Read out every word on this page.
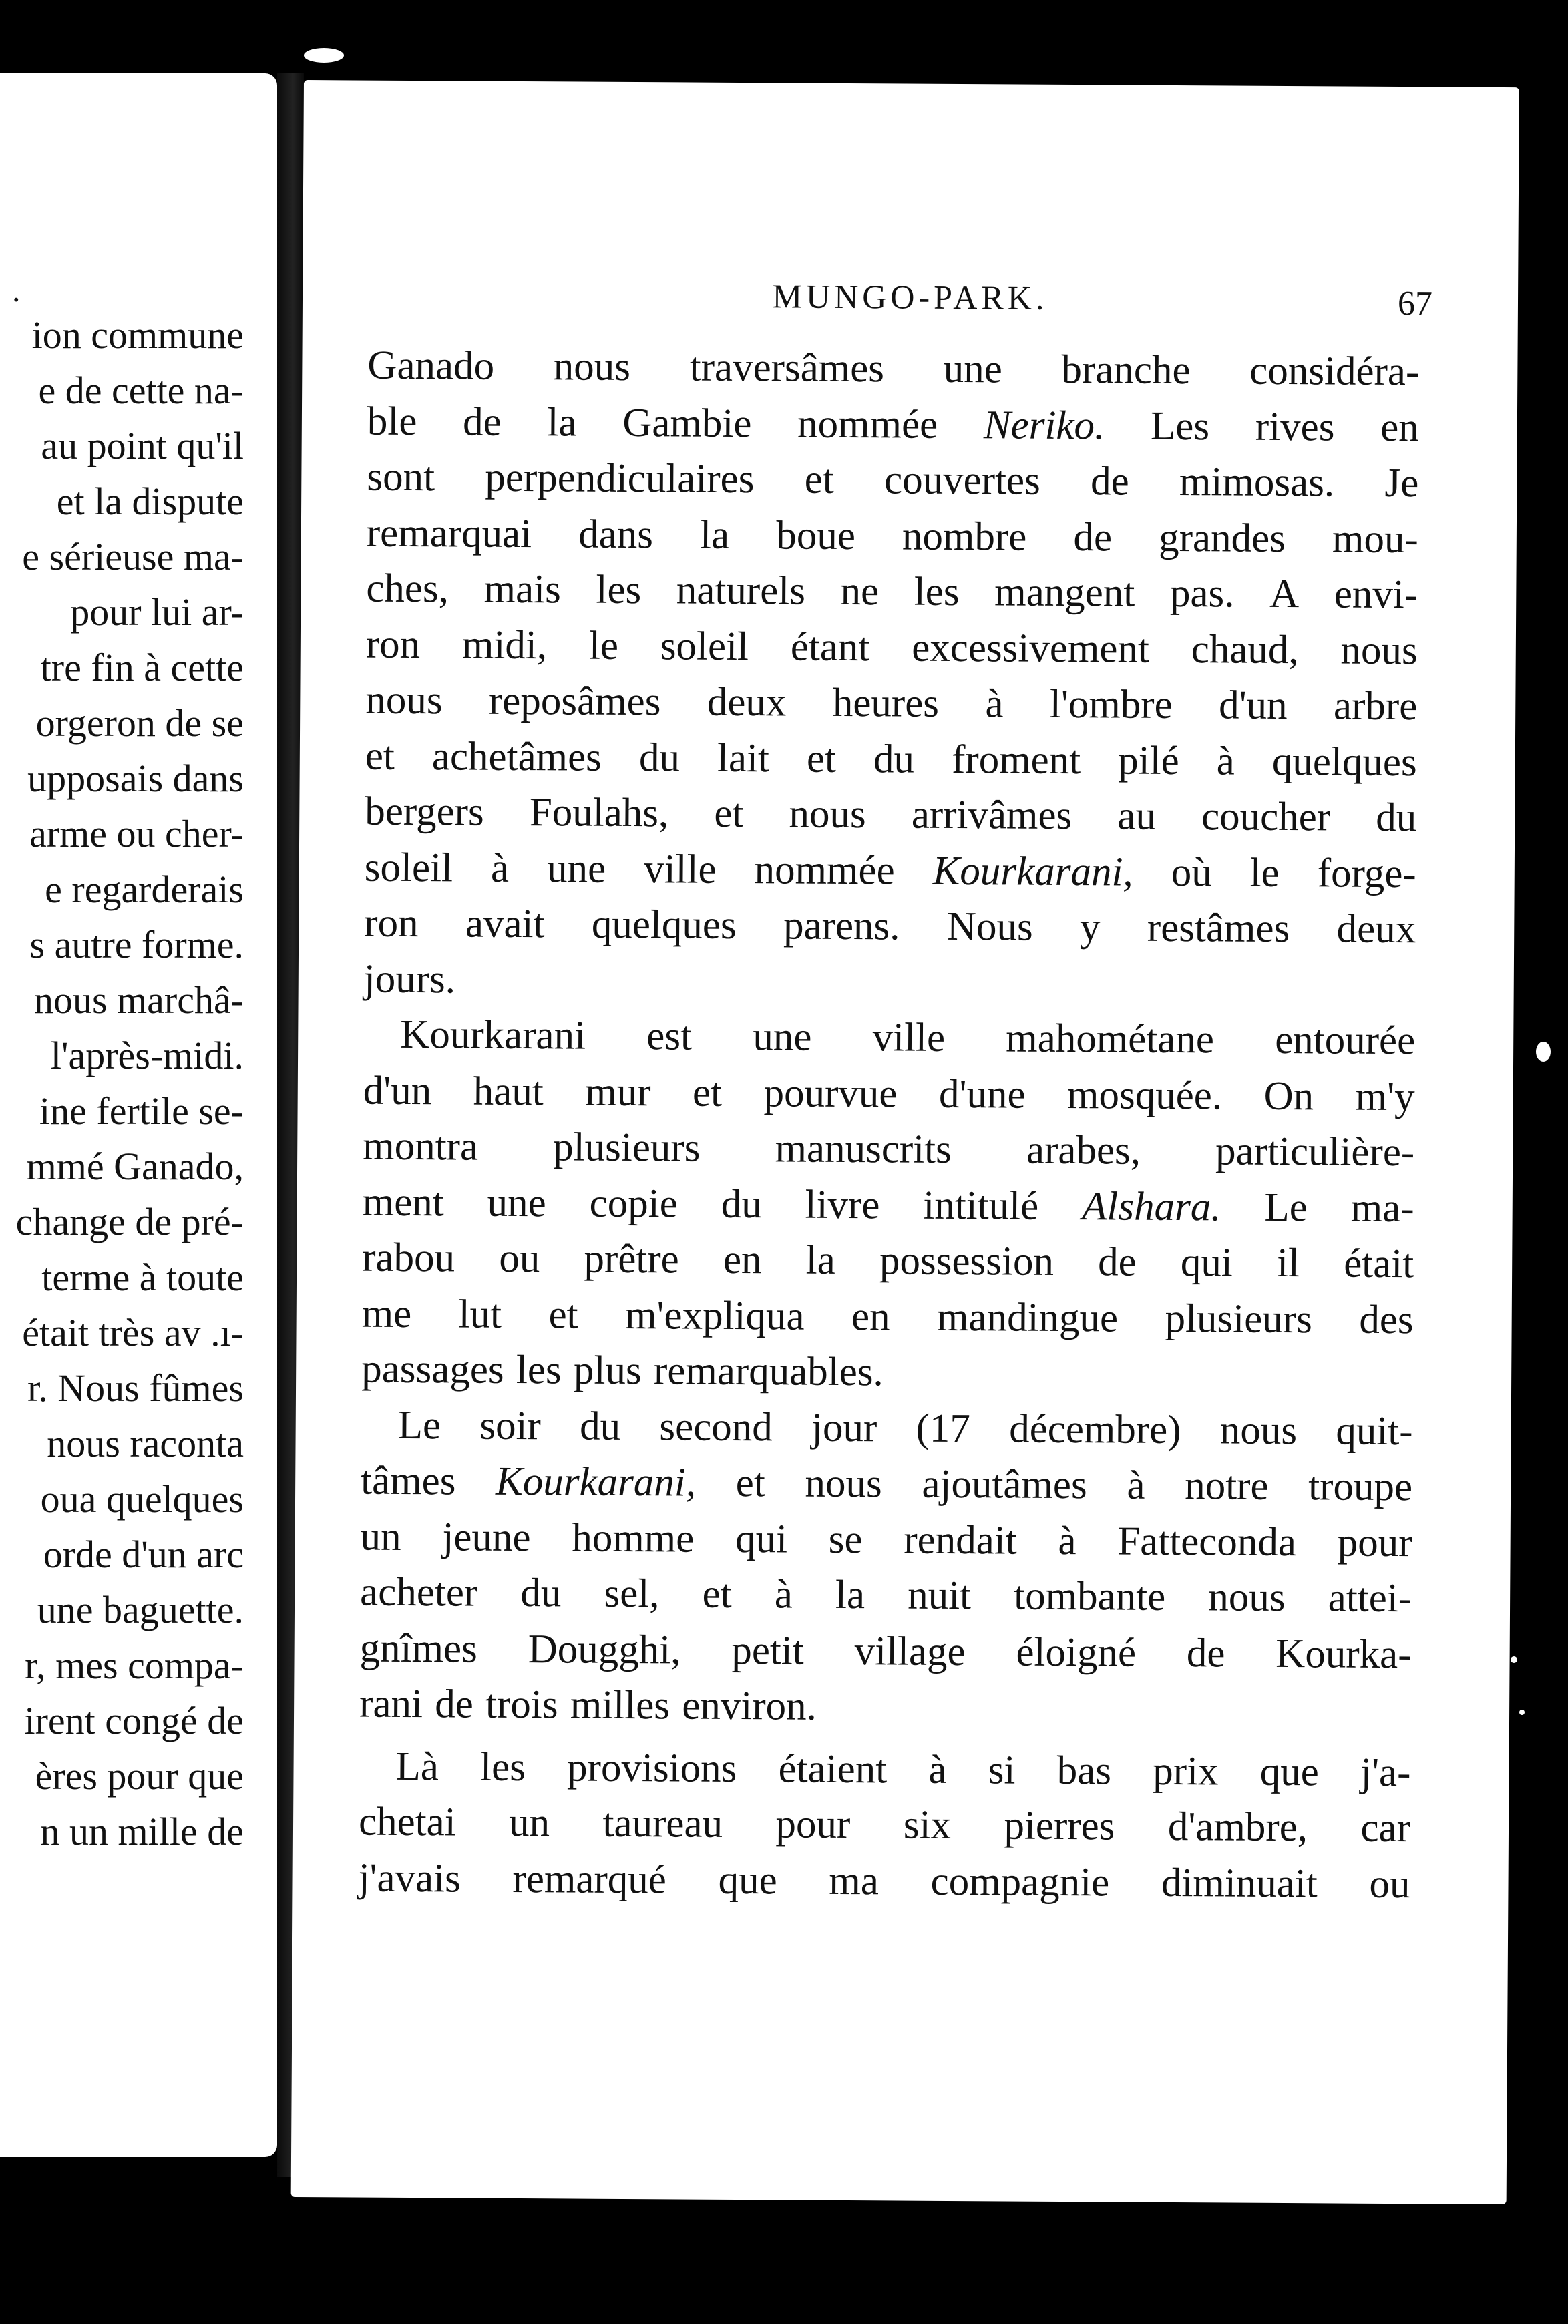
.
ion commune
e de cette na-
au point qu'il
et la dispute
e sérieuse ma-
pour lui ar-
tre fin à cette
orgeron de se
upposais dans
arme ou cher-
e regarderais
s autre forme.
nous marchâ-
l'après-midi.
ine fertile se-
mmé Ganado,
change de pré-
terme à toute
était très av .ı-
r. Nous fûmes
nous raconta
oua quelques
orde d'un arc
une baguette.
r, mes compa-
irent congé de
ères pour que
n un mille de
MUNGO-PARK.	67
Ganado nous traversâmes une branche considéra-
ble de la Gambie nommée Neriko. Les rives en
sont perpendiculaires et couvertes de mimosas. Je
remarquai dans la boue nombre de grandes mou-
ches, mais les naturels ne les mangent pas. A envi-
ron midi, le soleil étant excessivement chaud, nous
nous reposâmes deux heures à l'ombre d'un arbre
et achetâmes du lait et du froment pilé à quelques
bergers Foulahs, et nous arrivâmes au coucher du
soleil à une ville nommée Kourkarani, où le forge-
ron avait quelques parens. Nous y restâmes deux
jours.
Kourkarani est une ville mahométane entourée
d'un haut mur et pourvue d'une mosquée. On m'y
montra plusieurs manuscrits arabes, particulière-
ment une copie du livre intitulé Alshara. Le ma-
rabou ou prêtre en la possession de qui il était
me lut et m'expliqua en mandingue plusieurs des
passages les plus remarquables.
Le soir du second jour (17 décembre) nous quit-
tâmes Kourkarani, et nous ajoutâmes à notre troupe
un jeune homme qui se rendait à Fatteconda pour
acheter du sel, et à la nuit tombante nous attei-
gnîmes Dougghi, petit village éloigné de Kourka-
rani de trois milles environ.
Là les provisions étaient à si bas prix que j'a-
chetai un taureau pour six pierres d'ambre, car
j'avais remarqué que ma compagnie diminuait ou
